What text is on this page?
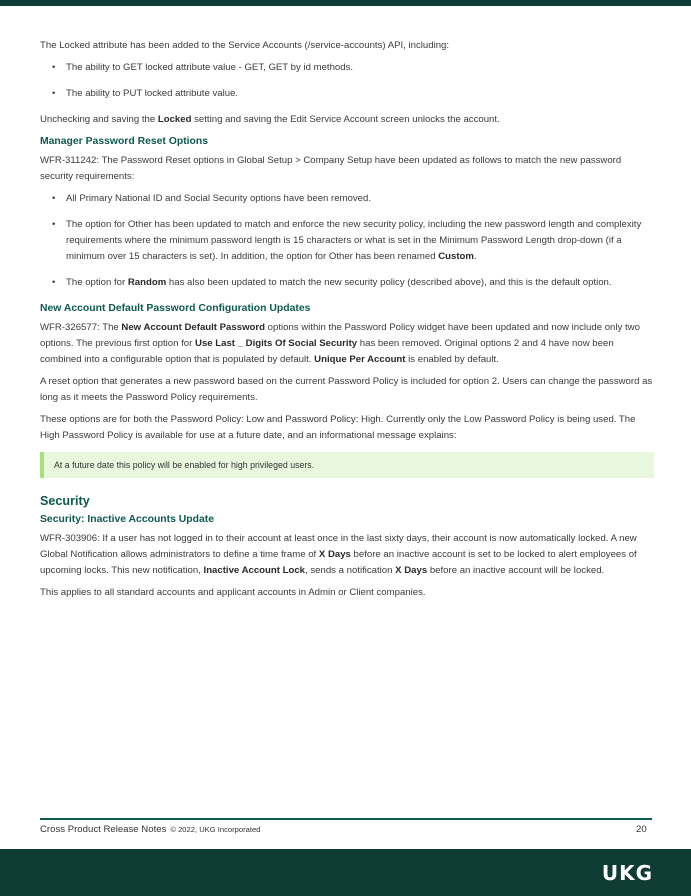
The Locked attribute has been added to the Service Accounts (/service-accounts) API, including:

• The ability to GET locked attribute value - GET, GET by id methods.
• The ability to PUT locked attribute value.

Unchecking and saving the Locked setting and saving the Edit Service Account screen unlocks the account.

Manager Password Reset Options

WFR-311242: The Password Reset options in Global Setup > Company Setup have been updated as follows to match the new password security requirements:

• All Primary National ID and Social Security options have been removed.
• The option for Other has been updated to match and enforce the new security policy, including the new password length and complexity requirements where the minimum password length is 15 characters or what is set in the Minimum Password Length drop-down (if a minimum over 15 characters is set). In addition, the option for Other has been renamed Custom.
• The option for Random has also been updated to match the new security policy (described above), and this is the default option.
New Account Default Password Configuration Updates

WFR-326577: The New Account Default Password options within the Password Policy widget have been updated and now include only two options. The previous first option for Use Last _ Digits Of Social Security has been removed. Original options 2 and 4 have now been combined into a configurable option that is populated by default. Unique Per Account is enabled by default.

A reset option that generates a new password based on the current Password Policy is included for option 2. Users can change the password as long as it meets the Password Policy requirements.

These options are for both the Password Policy: Low and Password Policy: High. Currently only the Low Password Policy is being used. The High Password Policy is available for use at a future date, and an informational message explains:

At a future date this policy will be enabled for high privileged users.
Security
Security: Inactive Accounts Update

WFR-303906: If a user has not logged in to their account at least once in the last sixty days, their account is now automatically locked. A new Global Notification allows administrators to define a time frame of X Days before an inactive account is set to be locked to alert employees of upcoming locks. This new notification, Inactive Account Lock, sends a notification X Days before an inactive account will be locked.

This applies to all standard accounts and applicant accounts in Admin or Client companies.

Cross Product Release Notes © 2022, UKG Incorporated	20
UKG
